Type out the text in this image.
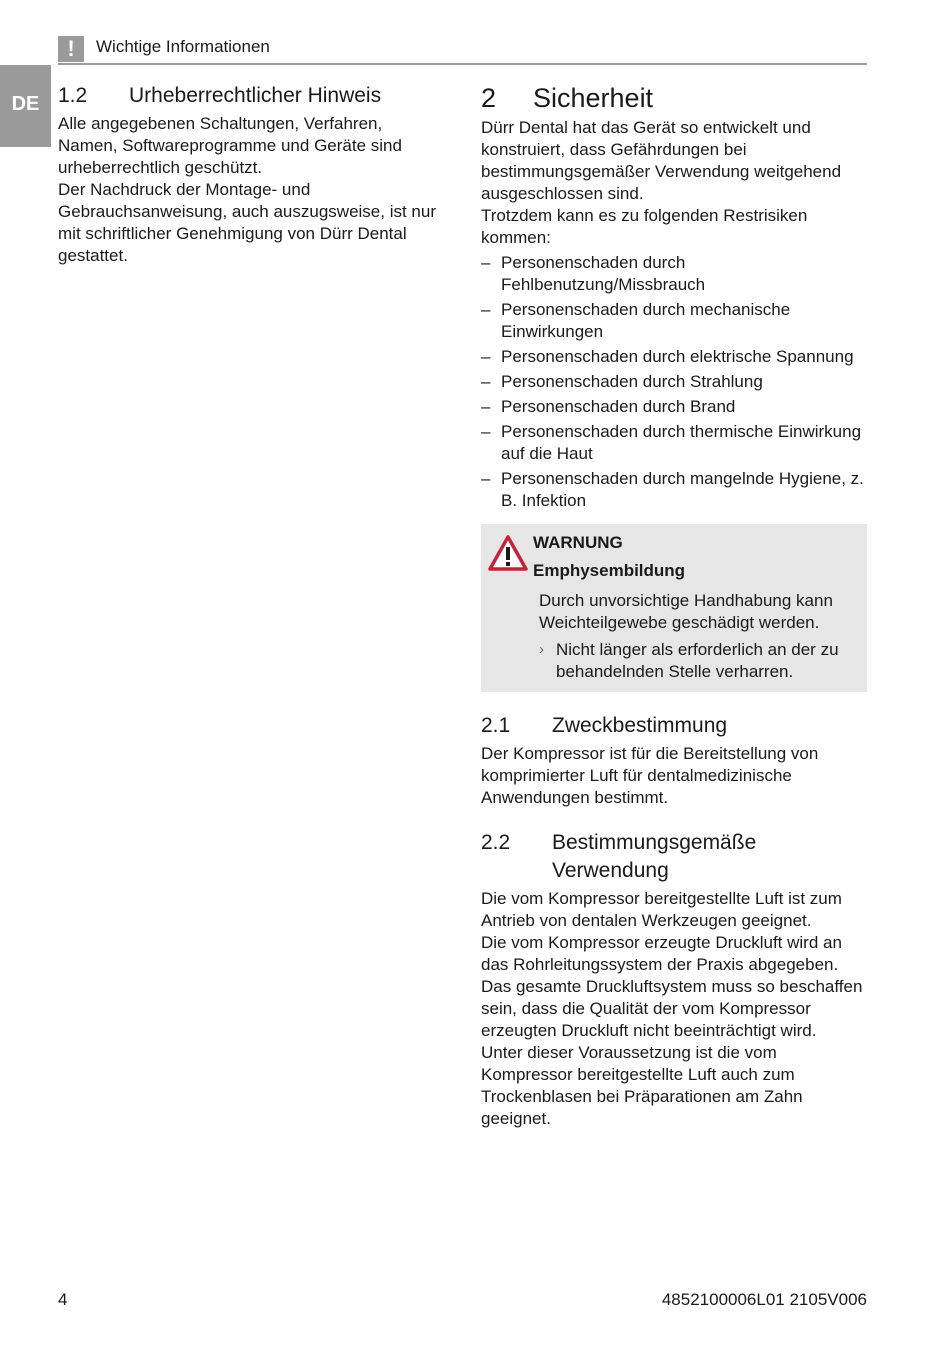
!	Wichtige Informationen
DE 1.2	Urheberrechtlicher Hinweis

Alle angegebenen Schaltungen, Verfahren, Namen, Softwareprogramme und Geräte sind urheberrechtlich geschützt.

Der Nachdruck der Montage- und Gebrauchsanweisung, auch auszugsweise, ist nur mit schriftlicher Genehmigung von Dürr Dental gestattet.

2	Sicherheit

Dürr Dental hat das Gerät so entwickelt und konstruiert, dass Gefährdungen bei bestimmungsgemäßer Verwendung weitgehend ausgeschlossen sind.

Trotzdem kann es zu folgenden Restrisiken kommen:

– Personenschaden durch Fehlbenutzung/Missbrauch
– Personenschaden durch mechanische Einwirkungen
– Personenschaden durch elektrische Spannung
– Personenschaden durch Strahlung
– Personenschaden durch Brand
– Personenschaden durch thermische Einwirkung auf die Haut
– Personenschaden durch mangelnde Hygiene, z. B. Infektion
WARNUNG
Emphysembildung
Durch unvorsichtige Handhabung kann Weichteilgewebe geschädigt werden.
› Nicht länger als erforderlich an der zu behandelnden Stelle verharren.
2.1	Zweckbestimmung

Der Kompressor ist für die Bereitstellung von komprimierter Luft für dentalmedizinische Anwendungen bestimmt.

2.2	Bestimmungsgemäße Verwendung

Die vom Kompressor bereitgestellte Luft ist zum Antrieb von dentalen Werkzeugen geeignet.

Die vom Kompressor erzeugte Druckluft wird an das Rohrleitungssystem der Praxis abgegeben.

Das gesamte Druckluftsystem muss so beschaffen sein, dass die Qualität der vom Kompressor erzeugten Druckluft nicht beeinträchtigt wird.

Unter dieser Voraussetzung ist die vom Kompressor bereitgestellte Luft auch zum Trockenblasen bei Präparationen am Zahn geeignet.

4	4852100006L01 2105V006
